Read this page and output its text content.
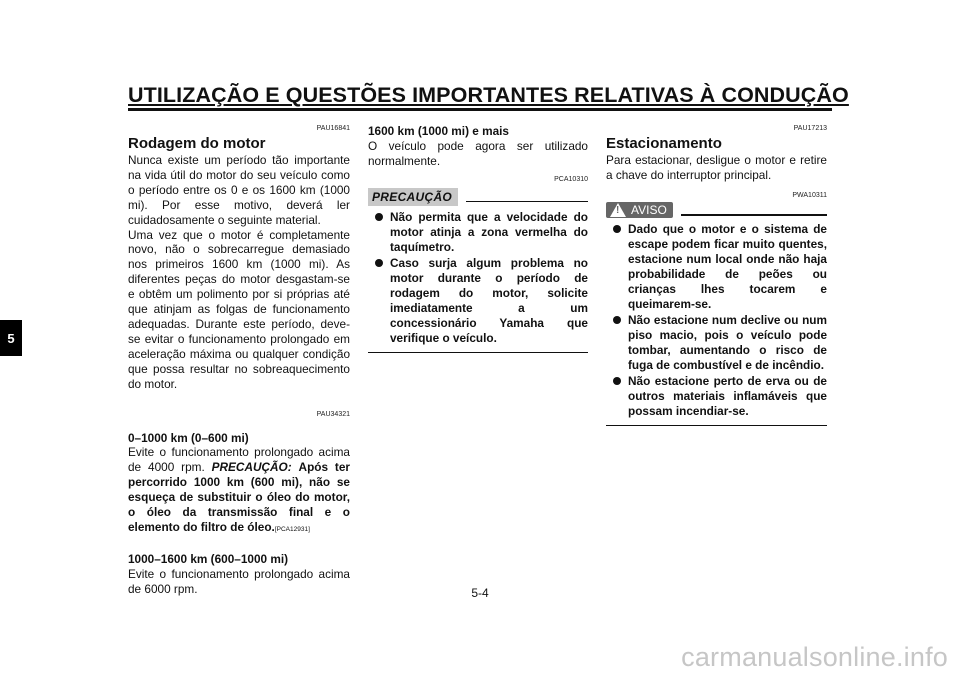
UTILIZAÇÃO E QUESTÕES IMPORTANTES RELATIVAS À CONDUÇÃO
5
PAU16841
Rodagem do motor

Nunca existe um período tão importante na vida útil do motor do seu veículo como o período entre os 0 e os 1600 km (1000 mi). Por esse motivo, deverá ler cuidadosamente o seguinte material.

Uma vez que o motor é completamente novo, não o sobrecarregue demasiado nos primeiros 1600 km (1000 mi). As diferentes peças do motor desgastam-se e obtêm um polimento por si próprias até que atinjam as folgas de funcionamento adequadas. Durante este período, deve-se evitar o funcionamento prolongado em aceleração máxima ou qualquer condição que possa resultar no sobreaquecimento do motor.

PAU34321

0–1000 km (0–600 mi)

Evite o funcionamento prolongado acima de 4000 rpm. PRECAUÇÃO: Após ter percorrido 1000 km (600 mi), não se esqueça de substituir o óleo do motor, o óleo da transmissão final e o elemento do filtro de óleo.[PCA12931]

1000–1600 km (600–1000 mi)

Evite o funcionamento prolongado acima de 6000 rpm.

1600 km (1000 mi) e mais

O veículo pode agora ser utilizado normalmente.

PCA10310
PRECAUÇÃO
Não permita que a velocidade do motor atinja a zona vermelha do taquímetro.
Caso surja algum problema no motor durante o período de rodagem do motor, solicite imediatamente a um concessionário Yamaha que verifique o veículo.
PAU17213
Estacionamento

Para estacionar, desligue o motor e retire a chave do interruptor principal.

PWA10311
! AVISO
Dado que o motor e o sistema de escape podem ficar muito quentes, estacione num local onde não haja probabilidade de peões ou crianças lhes tocarem e queimarem-se.
Não estacione num declive ou num piso macio, pois o veículo pode tombar, aumentando o risco de fuga de combustível e de incêndio.
Não estacione perto de erva ou de outros materiais inflamáveis que possam incendiar-se.
5-4
carmanualsonline.info
